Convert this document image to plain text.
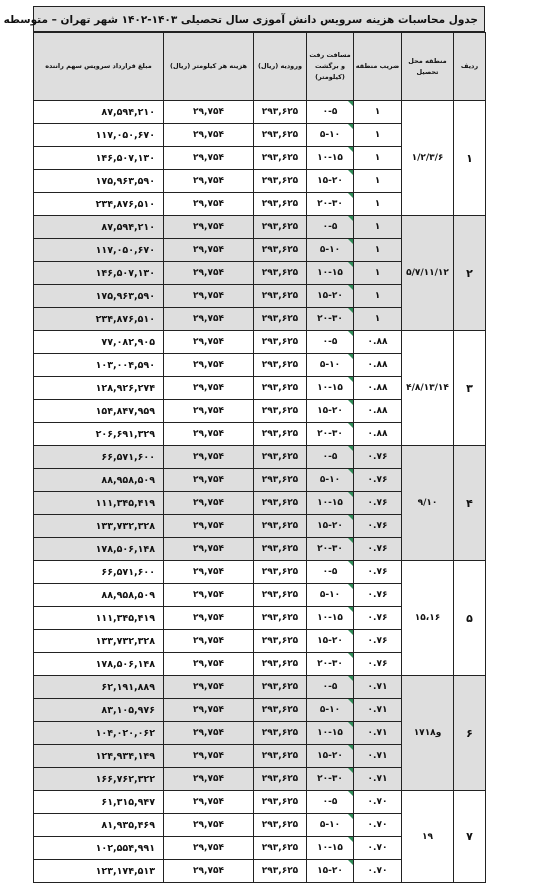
جدول محاسبات هزینه سرویس دانش آموزی سال تحصیلی ۱۴۰۳-۱۴۰۲ شهر تهران – متوسطه
مبلغ قرارداد سرویس سهم راننده	هزینه هر کیلومتر (ریال)	ورودیه (ریال)	مسافت رفت و برگشت (کیلومتر)	ضریب منطقه	منطقه محل تحصیل	ردیف
۸۷,۵۹۴,۲۱۰	۲۹,۷۵۴	۲۹۳,۶۲۵	۰-۵	۱	۱/۲/۳/۶	۱
۱۱۷,۰۵۰,۶۷۰	۲۹,۷۵۴	۲۹۳,۶۲۵	۵-۱۰	۱		
۱۴۶,۵۰۷,۱۳۰	۲۹,۷۵۴	۲۹۳,۶۲۵	۱۰-۱۵	۱		
۱۷۵,۹۶۳,۵۹۰	۲۹,۷۵۴	۲۹۳,۶۲۵	۱۵-۲۰	۱		
۲۳۴,۸۷۶,۵۱۰	۲۹,۷۵۴	۲۹۳,۶۲۵	۲۰-۳۰	۱		
۸۷,۵۹۴,۲۱۰	۲۹,۷۵۴	۲۹۳,۶۲۵	۰-۵	۱	۵/۷/۱۱/۱۲	۲
۱۱۷,۰۵۰,۶۷۰	۲۹,۷۵۴	۲۹۳,۶۲۵	۵-۱۰	۱		
۱۴۶,۵۰۷,۱۳۰	۲۹,۷۵۴	۲۹۳,۶۲۵	۱۰-۱۵	۱		
۱۷۵,۹۶۳,۵۹۰	۲۹,۷۵۴	۲۹۳,۶۲۵	۱۵-۲۰	۱		
۲۳۴,۸۷۶,۵۱۰	۲۹,۷۵۴	۲۹۳,۶۲۵	۲۰-۳۰	۱		
۷۷,۰۸۲,۹۰۵	۲۹,۷۵۴	۲۹۳,۶۲۵	۰-۵	۰.۸۸	۴/۸/۱۳/۱۴	۳
۱۰۳,۰۰۴,۵۹۰	۲۹,۷۵۴	۲۹۳,۶۲۵	۵-۱۰	۰.۸۸		
۱۲۸,۹۲۶,۲۷۴	۲۹,۷۵۴	۲۹۳,۶۲۵	۱۰-۱۵	۰.۸۸		
۱۵۴,۸۴۷,۹۵۹	۲۹,۷۵۴	۲۹۳,۶۲۵	۱۵-۲۰	۰.۸۸		
۲۰۶,۶۹۱,۳۲۹	۲۹,۷۵۴	۲۹۳,۶۲۵	۲۰-۳۰	۰.۸۸		
۶۶,۵۷۱,۶۰۰	۲۹,۷۵۴	۲۹۳,۶۲۵	۰-۵	۰.۷۶	۹/۱۰	۴
۸۸,۹۵۸,۵۰۹	۲۹,۷۵۴	۲۹۳,۶۲۵	۵-۱۰	۰.۷۶		
۱۱۱,۳۴۵,۴۱۹	۲۹,۷۵۴	۲۹۳,۶۲۵	۱۰-۱۵	۰.۷۶		
۱۳۳,۷۳۲,۳۲۸	۲۹,۷۵۴	۲۹۳,۶۲۵	۱۵-۲۰	۰.۷۶		
۱۷۸,۵۰۶,۱۴۸	۲۹,۷۵۴	۲۹۳,۶۲۵	۲۰-۳۰	۰.۷۶		
۶۶,۵۷۱,۶۰۰	۲۹,۷۵۴	۲۹۳,۶۲۵	۰-۵	۰.۷۶	۱۵،۱۶	۵
۸۸,۹۵۸,۵۰۹	۲۹,۷۵۴	۲۹۳,۶۲۵	۵-۱۰	۰.۷۶		
۱۱۱,۳۴۵,۴۱۹	۲۹,۷۵۴	۲۹۳,۶۲۵	۱۰-۱۵	۰.۷۶		
۱۳۳,۷۳۲,۳۲۸	۲۹,۷۵۴	۲۹۳,۶۲۵	۱۵-۲۰	۰.۷۶		
۱۷۸,۵۰۶,۱۴۸	۲۹,۷۵۴	۲۹۳,۶۲۵	۲۰-۳۰	۰.۷۶		
۶۲,۱۹۱,۸۸۹	۲۹,۷۵۴	۲۹۳,۶۲۵	۰-۵	۰.۷۱	۱۷و۱۸	۶
۸۳,۱۰۵,۹۷۶	۲۹,۷۵۴	۲۹۳,۶۲۵	۵-۱۰	۰.۷۱		
۱۰۴,۰۲۰,۰۶۲	۲۹,۷۵۴	۲۹۳,۶۲۵	۱۰-۱۵	۰.۷۱		
۱۲۴,۹۳۴,۱۴۹	۲۹,۷۵۴	۲۹۳,۶۲۵	۱۵-۲۰	۰.۷۱		
۱۶۶,۷۶۲,۳۲۲	۲۹,۷۵۴	۲۹۳,۶۲۵	۲۰-۳۰	۰.۷۱		
۶۱,۳۱۵,۹۴۷	۲۹,۷۵۴	۲۹۳,۶۲۵	۰-۵	۰.۷۰	۱۹	۷
۸۱,۹۳۵,۴۶۹	۲۹,۷۵۴	۲۹۳,۶۲۵	۵-۱۰	۰.۷۰		
۱۰۲,۵۵۴,۹۹۱	۲۹,۷۵۴	۲۹۳,۶۲۵	۱۰-۱۵	۰.۷۰		
۱۲۳,۱۷۴,۵۱۳	۲۹,۷۵۴	۲۹۳,۶۲۵	۱۵-۲۰	۰.۷۰		
